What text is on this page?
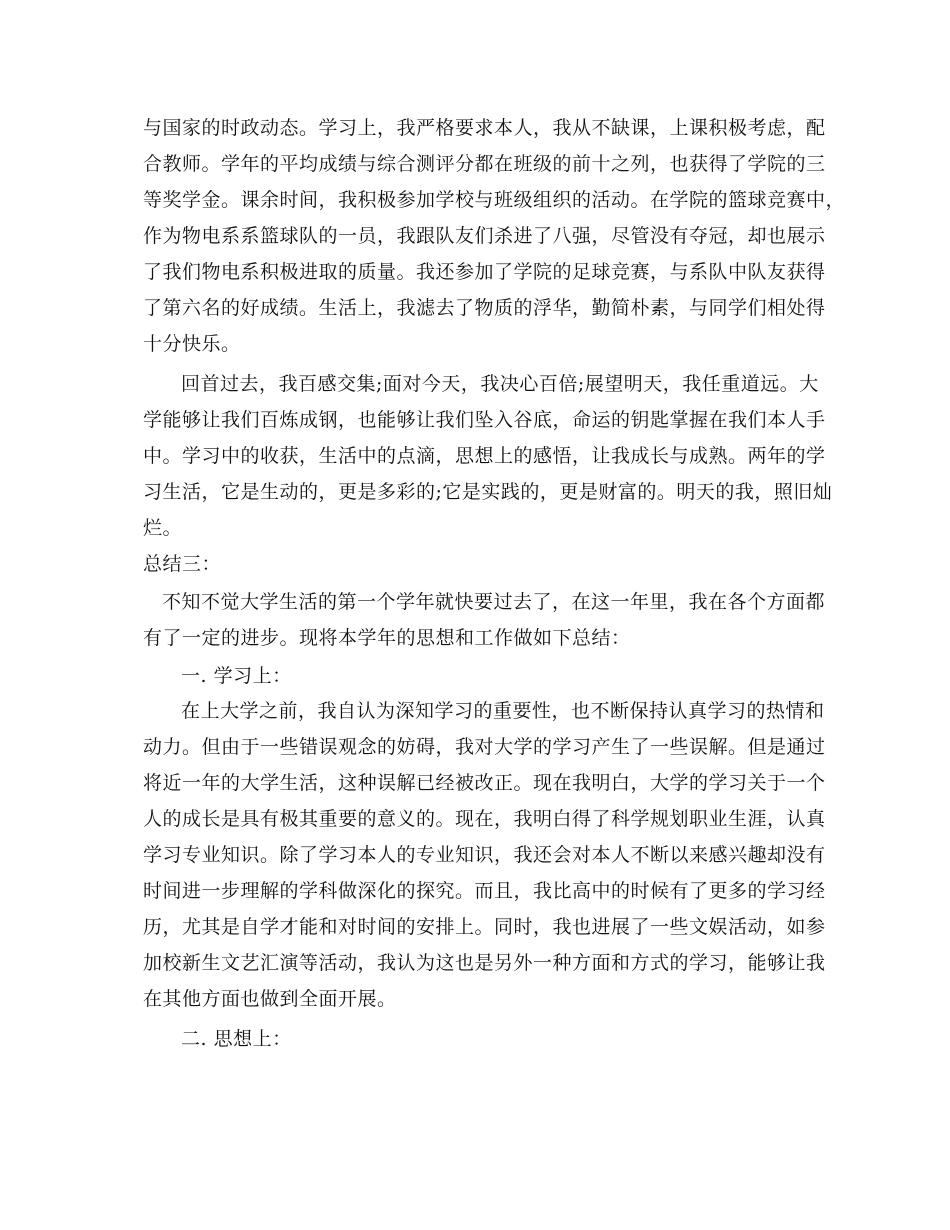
与国家的时政动态。学习上，我严格要求本人，我从不缺课，上课积极考虑，配
合教师。学年的平均成绩与综合测评分都在班级的前十之列，也获得了学院的三
等奖学金。课余时间，我积极参加学校与班级组织的活动。在学院的篮球竞赛中，
作为物电系系篮球队的一员，我跟队友们杀进了八强，尽管没有夺冠，却也展示
了我们物电系积极进取的质量。我还参加了学院的足球竞赛，与系队中队友获得
了第六名的好成绩。生活上，我滤去了物质的浮华，勤简朴素，与同学们相处得
十分快乐。
回首过去，我百感交集;面对今天，我决心百倍;展望明天，我任重道远。大
学能够让我们百炼成钢，也能够让我们坠入谷底，命运的钥匙掌握在我们本人手
中。学习中的收获，生活中的点滴，思想上的感悟，让我成长与成熟。两年的学
习生活，它是生动的，更是多彩的;它是实践的，更是财富的。明天的我，照旧灿
烂。
总结三：
不知不觉大学生活的第一个学年就快要过去了，在这一年里，我在各个方面都
有了一定的进步。现将本学年的思想和工作做如下总结：
一. 学习上：
在上大学之前，我自认为深知学习的重要性，也不断保持认真学习的热情和
动力。但由于一些错误观念的妨碍，我对大学的学习产生了一些误解。但是通过
将近一年的大学生活，这种误解已经被改正。现在我明白，大学的学习关于一个
人的成长是具有极其重要的意义的。现在，我明白得了科学规划职业生涯，认真
学习专业知识。除了学习本人的专业知识，我还会对本人不断以来感兴趣却没有
时间进一步理解的学科做深化的探究。而且，我比高中的时候有了更多的学习经
历，尤其是自学才能和对时间的安排上。同时，我也进展了一些文娱活动，如参
加校新生文艺汇演等活动，我认为这也是另外一种方面和方式的学习，能够让我
在其他方面也做到全面开展。
二. 思想上：
